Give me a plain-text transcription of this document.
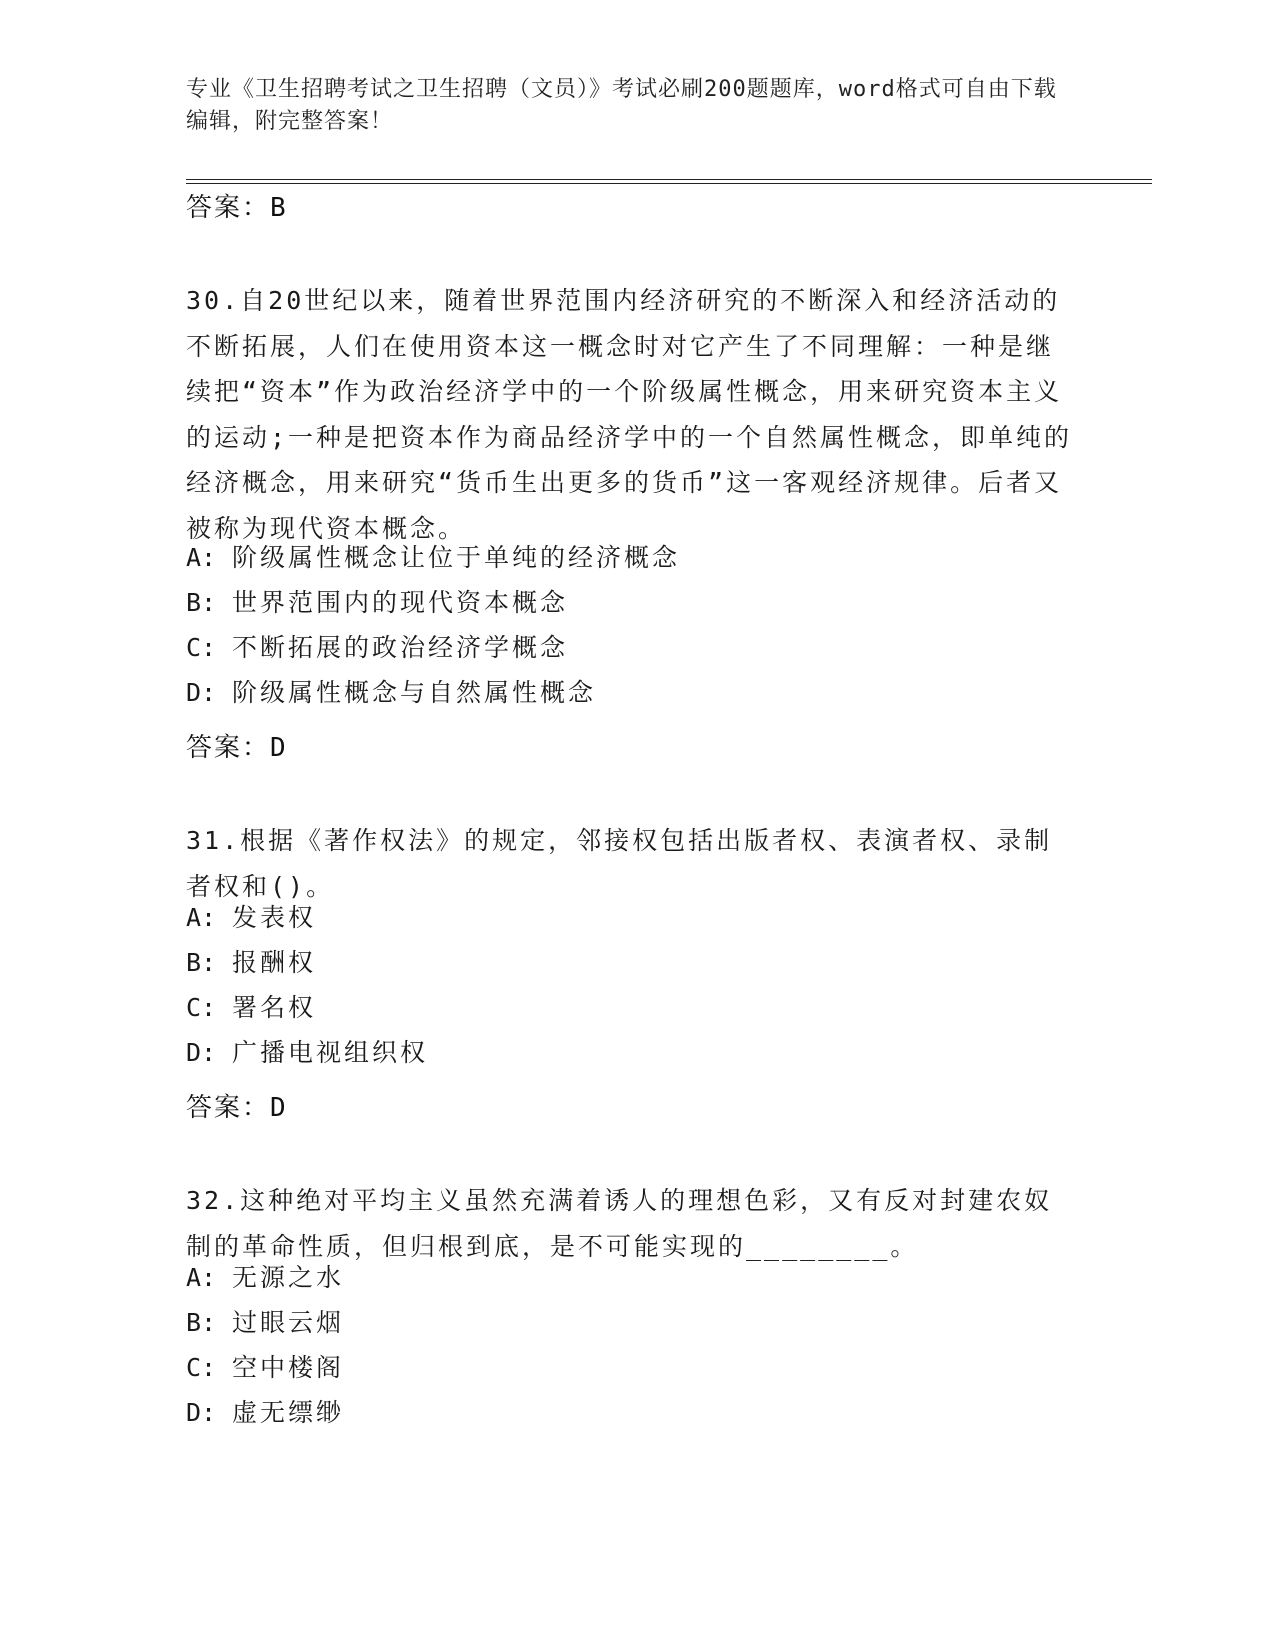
专业《卫生招聘考试之卫生招聘（文员）》考试必刷200题题库，word格式可自由下载编辑，附完整答案！
答案：B
30.自20世纪以来，随着世界范围内经济研究的不断深入和经济活动的不断拓展，人们在使用资本这一概念时对它产生了不同理解：一种是继续把“资本”作为政治经济学中的一个阶级属性概念，用来研究资本主义的运动;一种是把资本作为商品经济学中的一个自然属性概念，即单纯的经济概念，用来研究“货币生出更多的货币”这一客观经济规律。后者又被称为现代资本概念。
A: 阶级属性概念让位于单纯的经济概念
B: 世界范围内的现代资本概念
C: 不断拓展的政治经济学概念
D: 阶级属性概念与自然属性概念
答案：D
31.根据《著作权法》的规定，邻接权包括出版者权、表演者权、录制者权和()。
A: 发表权
B: 报酬权
C: 署名权
D: 广播电视组织权
答案：D
32.这种绝对平均主义虽然充满着诱人的理想色彩，又有反对封建农奴制的革命性质，但归根到底，是不可能实现的________。
A: 无源之水
B: 过眼云烟
C: 空中楼阁
D: 虚无缥缈
